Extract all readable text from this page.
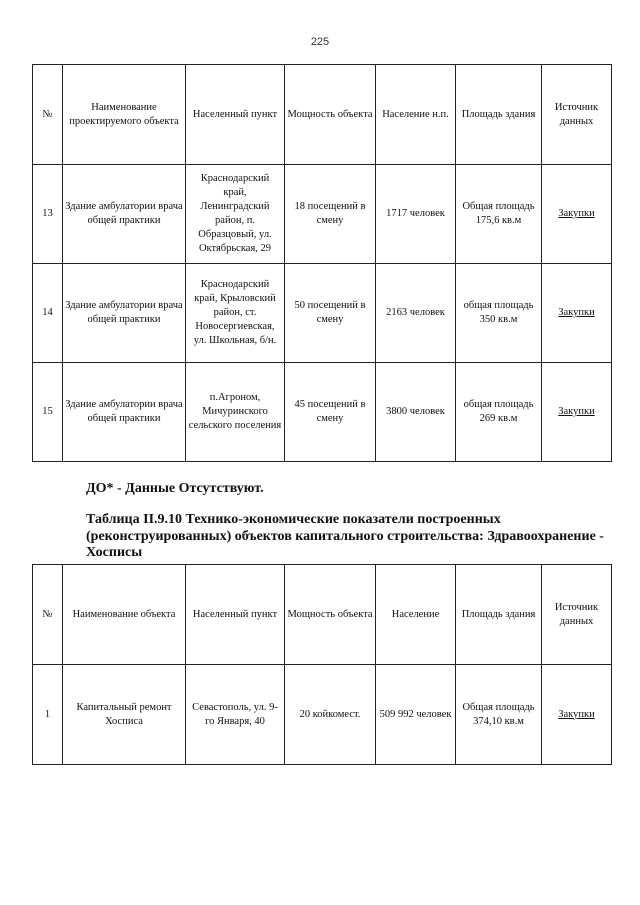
225
№	Наименование проектируемого объекта	Населенный пункт	Мощность объекта	Население н.п.	Площадь здания	Источник данных
13	Здание амбулатории врача общей практики	Краснодарский край, Ленинградский район, п. Образцовый, ул. Октябрьская, 29	18 посещений в смену	1717 человек	Общая площадь 175,6 кв.м	Закупки
14	Здание амбулатории врача общей практики	Краснодарский край, Крыловский район, ст. Новосергиевская, ул. Школьная, б/н.	50 посещений в смену	2163 человек	общая площадь 350 кв.м	Закупки
15	Здание амбулатории врача общей практики	п.Агроном, Мичуринского сельского поселения	45 посещений в смену	3800 человек	общая площадь 269 кв.м	Закупки
ДО* - Данные Отсутствуют.
Таблица II.9.10 Технико-экономические показатели построенных (реконструированных) объектов капитального строительства: Здравоохранение - Хосписы
№	Наименование объекта	Населенный пункт	Мощность объекта	Население	Площадь здания	Источник данных
1	Капитальный ремонт Хосписа	Севастополь, ул. 9-го Января, 40	20 койкомест.	509 992 человек	Общая площадь 374,10 кв.м	Закупки
